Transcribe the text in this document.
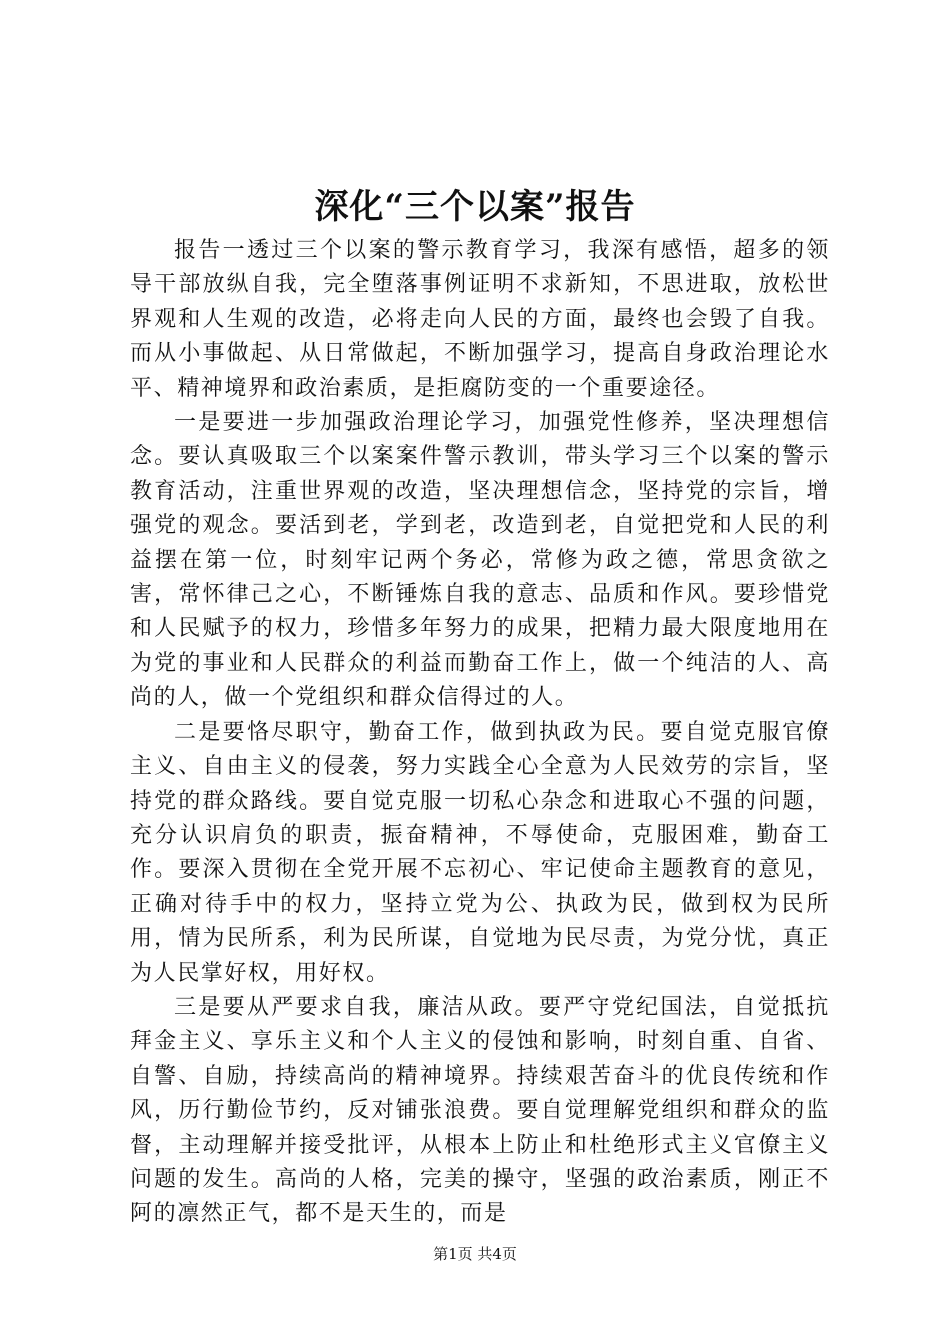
深化“三个以案”报告

报告一透过三个以案的警示教育学习，我深有感悟，超多的领导干部放纵自我，完全堕落事例证明不求新知，不思进取，放松世界观和人生观的改造，必将走向人民的方面，最终也会毁了自我。而从小事做起、从日常做起，不断加强学习，提高自身政治理论水平、精神境界和政治素质，是拒腐防变的一个重要途径。

一是要进一步加强政治理论学习，加强党性修养，坚决理想信念。要认真吸取三个以案案件警示教训，带头学习三个以案的警示教育活动，注重世界观的改造，坚决理想信念，坚持党的宗旨，增强党的观念。要活到老，学到老，改造到老，自觉把党和人民的利益摆在第一位，时刻牢记两个务必，常修为政之德，常思贪欲之害，常怀律己之心，不断锤炼自我的意志、品质和作风。要珍惜党和人民赋予的权力，珍惜多年努力的成果，把精力最大限度地用在为党的事业和人民群众的利益而勤奋工作上，做一个纯洁的人、高尚的人，做一个党组织和群众信得过的人。

二是要恪尽职守，勤奋工作，做到执政为民。要自觉克服官僚主义、自由主义的侵袭，努力实践全心全意为人民效劳的宗旨，坚持党的群众路线。要自觉克服一切私心杂念和进取心不强的问题，充分认识肩负的职责，振奋精神，不辱使命，克服困难，勤奋工作。要深入贯彻在全党开展不忘初心、牢记使命主题教育的意见，正确对待手中的权力，坚持立党为公、执政为民，做到权为民所用，情为民所系，利为民所谋，自觉地为民尽责，为党分忧，真正为人民掌好权，用好权。

三是要从严要求自我，廉洁从政。要严守党纪国法，自觉抵抗拜金主义、享乐主义和个人主义的侵蚀和影响，时刻自重、自省、自警、自励，持续高尚的精神境界。持续艰苦奋斗的优良传统和作风，历行勤俭节约，反对铺张浪费。要自觉理解党组织和群众的监督，主动理解并接受批评，从根本上防止和杜绝形式主义官僚主义问题的发生。高尚的人格，完美的操守，坚强的政治素质，刚正不阿的凛然正气，都不是天生的，而是

第1页 共4页
